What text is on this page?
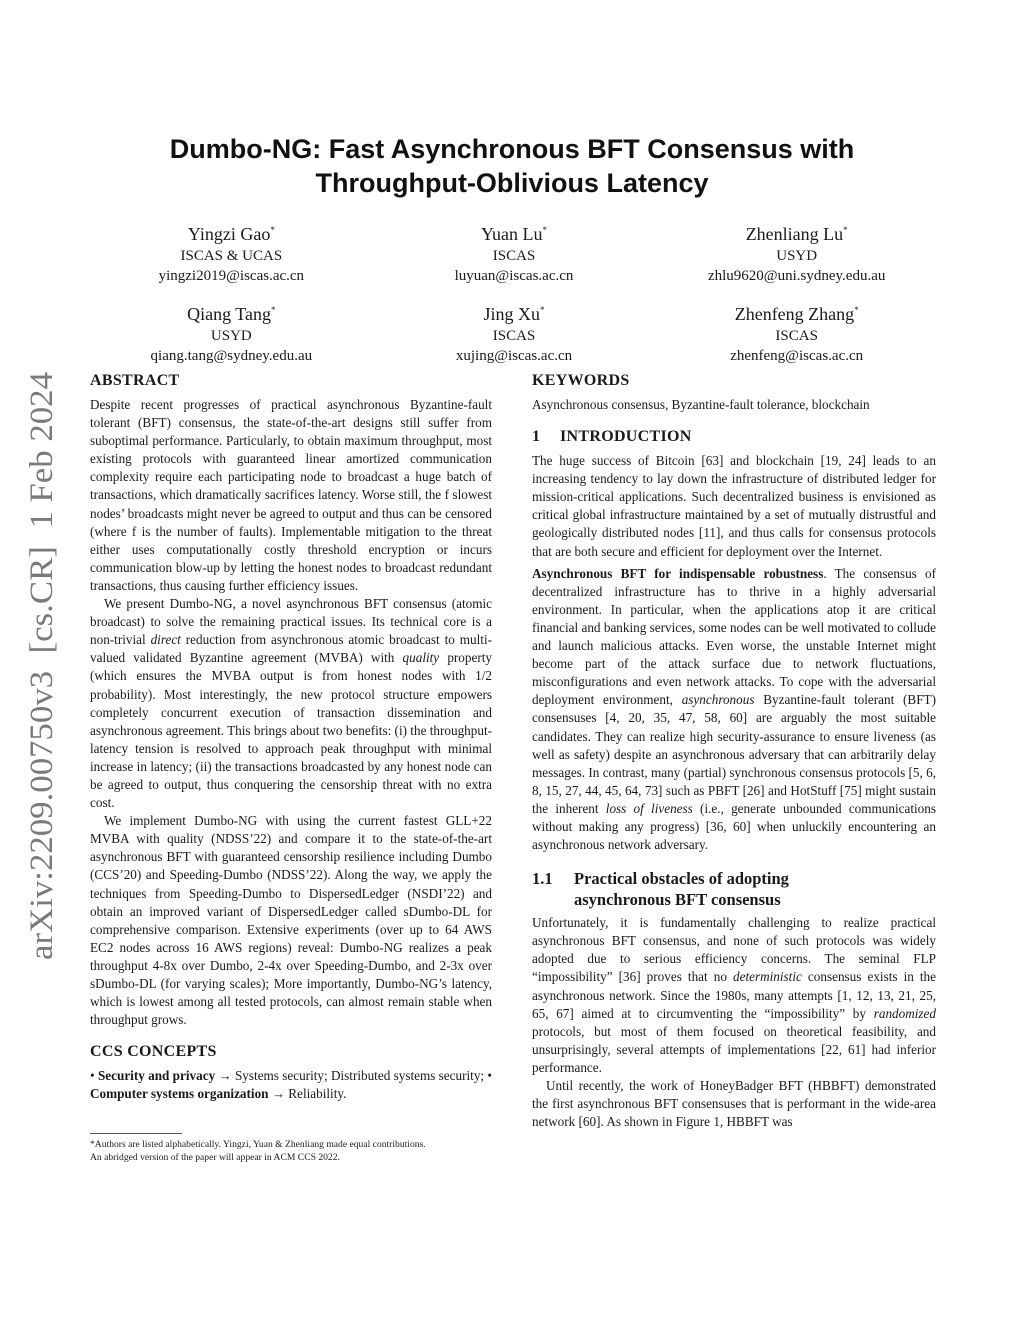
arXiv:2209.00750v3  [cs.CR]  1 Feb 2024
Dumbo-NG: Fast Asynchronous BFT Consensus with
Throughput-Oblivious Latency
Yingzi Gao*
ISCAS & UCAS
yingzi2019@iscas.ac.cn
Yuan Lu*
ISCAS
luyuan@iscas.ac.cn
Zhenliang Lu*
USYD
zhlu9620@uni.sydney.edu.au
Qiang Tang*
USYD
qiang.tang@sydney.edu.au
Jing Xu*
ISCAS
xujing@iscas.ac.cn
Zhenfeng Zhang*
ISCAS
zhenfeng@iscas.ac.cn
ABSTRACT

Despite recent progresses of practical asynchronous Byzantine-fault tolerant (BFT) consensus, the state-of-the-art designs still suffer from suboptimal performance. Particularly, to obtain maximum throughput, most existing protocols with guaranteed linear amortized communication complexity require each participating node to broadcast a huge batch of transactions, which dramatically sacrifices latency. Worse still, the f slowest nodes’ broadcasts might never be agreed to output and thus can be censored (where f is the number of faults). Implementable mitigation to the threat either uses computationally costly threshold encryption or incurs communication blow-up by letting the honest nodes to broadcast redundant transactions, thus causing further efficiency issues.

We present Dumbo-NG, a novel asynchronous BFT consensus (atomic broadcast) to solve the remaining practical issues. Its technical core is a non-trivial direct reduction from asynchronous atomic broadcast to multi-valued validated Byzantine agreement (MVBA) with quality property (which ensures the MVBA output is from honest nodes with 1/2 probability). Most interestingly, the new protocol structure empowers completely concurrent execution of transaction dissemination and asynchronous agreement. This brings about two benefits: (i) the throughput-latency tension is resolved to approach peak throughput with minimal increase in latency; (ii) the transactions broadcasted by any honest node can be agreed to output, thus conquering the censorship threat with no extra cost.

We implement Dumbo-NG with using the current fastest GLL+22 MVBA with quality (NDSS’22) and compare it to the state-of-the-art asynchronous BFT with guaranteed censorship resilience including Dumbo (CCS’20) and Speeding-Dumbo (NDSS’22). Along the way, we apply the techniques from Speeding-Dumbo to DispersedLedger (NSDI’22) and obtain an improved variant of DispersedLedger called sDumbo-DL for comprehensive comparison. Extensive experiments (over up to 64 AWS EC2 nodes across 16 AWS regions) reveal: Dumbo-NG realizes a peak throughput 4-8x over Dumbo, 2-4x over Speeding-Dumbo, and 2-3x over sDumbo-DL (for varying scales); More importantly, Dumbo-NG’s latency, which is lowest among all tested protocols, can almost remain stable when throughput grows.

CCS CONCEPTS

• Security and privacy → Systems security; Distributed systems security; • Computer systems organization → Reliability.

*Authors are listed alphabetically. Yingzi, Yuan & Zhenliang made equal contributions.

An abridged version of the paper will appear in ACM CCS 2022.

KEYWORDS

Asynchronous consensus, Byzantine-fault tolerance, blockchain

1 INTRODUCTION

The huge success of Bitcoin [63] and blockchain [19, 24] leads to an increasing tendency to lay down the infrastructure of distributed ledger for mission-critical applications. Such decentralized business is envisioned as critical global infrastructure maintained by a set of mutually distrustful and geologically distributed nodes [11], and thus calls for consensus protocols that are both secure and efficient for deployment over the Internet.

Asynchronous BFT for indispensable robustness. The consensus of decentralized infrastructure has to thrive in a highly adversarial environment. In particular, when the applications atop it are critical financial and banking services, some nodes can be well motivated to collude and launch malicious attacks. Even worse, the unstable Internet might become part of the attack surface due to network fluctuations, misconfigurations and even network attacks. To cope with the adversarial deployment environment, asynchronous Byzantine-fault tolerant (BFT) consensuses [4, 20, 35, 47, 58, 60] are arguably the most suitable candidates. They can realize high security-assurance to ensure liveness (as well as safety) despite an asynchronous adversary that can arbitrarily delay messages. In contrast, many (partial) synchronous consensus protocols [5, 6, 8, 15, 27, 44, 45, 64, 73] such as PBFT [26] and HotStuff [75] might sustain the inherent loss of liveness (i.e., generate unbounded communications without making any progress) [36, 60] when unluckily encountering an asynchronous network adversary.

1.1 Practical obstacles of adopting
asynchronous BFT consensus

Unfortunately, it is fundamentally challenging to realize practical asynchronous BFT consensus, and none of such protocols was widely adopted due to serious efficiency concerns. The seminal FLP “impossibility” [36] proves that no deterministic consensus exists in the asynchronous network. Since the 1980s, many attempts [1, 12, 13, 21, 25, 65, 67] aimed at to circumventing the “impossibility” by randomized protocols, but most of them focused on theoretical feasibility, and unsurprisingly, several attempts of implementations [22, 61] had inferior performance.

Until recently, the work of HoneyBadger BFT (HBBFT) demonstrated the first asynchronous BFT consensuses that is performant in the wide-area network [60]. As shown in Figure 1, HBBFT was
